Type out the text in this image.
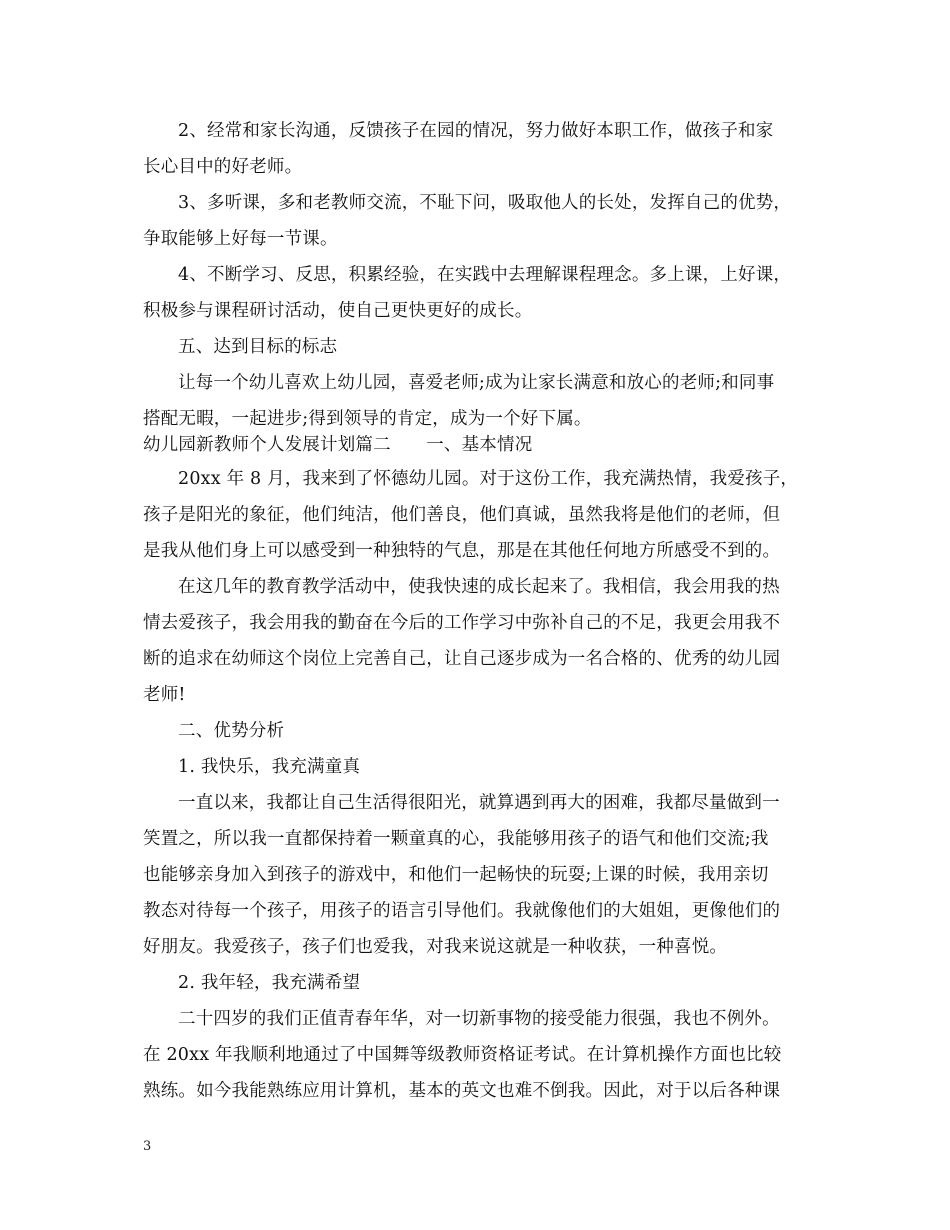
2、经常和家长沟通，反馈孩子在园的情况，努力做好本职工作，做孩子和家
长心目中的好老师。
3、多听课，多和老教师交流，不耻下问，吸取他人的长处，发挥自己的优势，
争取能够上好每一节课。
4、不断学习、反思，积累经验，在实践中去理解课程理念。多上课，上好课，
积极参与课程研讨活动，使自己更快更好的成长。
五、达到目标的标志
让每一个幼儿喜欢上幼儿园，喜爱老师;成为让家长满意和放心的老师;和同事
搭配无暇，一起进步;得到领导的肯定，成为一个好下属。
幼儿园新教师个人发展计划篇二　　一、基本情况
20xx 年 8 月，我来到了怀德幼儿园。对于这份工作，我充满热情，我爱孩子，
孩子是阳光的象征，他们纯洁，他们善良，他们真诚，虽然我将是他们的老师，但
是我从他们身上可以感受到一种独特的气息，那是在其他任何地方所感受不到的。
在这几年的教育教学活动中，使我快速的成长起来了。我相信，我会用我的热
情去爱孩子，我会用我的勤奋在今后的工作学习中弥补自己的不足，我更会用我不
断的追求在幼师这个岗位上完善自己，让自己逐步成为一名合格的、优秀的幼儿园
老师!
二、优势分析
1. 我快乐，我充满童真
一直以来，我都让自己生活得很阳光，就算遇到再大的困难，我都尽量做到一
笑置之，所以我一直都保持着一颗童真的心，我能够用孩子的语气和他们交流;我
也能够亲身加入到孩子的游戏中，和他们一起畅快的玩耍;上课的时候，我用亲切
教态对待每一个孩子，用孩子的语言引导他们。我就像他们的大姐姐，更像他们的
好朋友。我爱孩子，孩子们也爱我，对我来说这就是一种收获，一种喜悦。
2. 我年轻，我充满希望
二十四岁的我们正值青春年华，对一切新事物的接受能力很强，我也不例外。
在 20xx 年我顺利地通过了中国舞等级教师资格证考试。在计算机操作方面也比较
熟练。如今我能熟练应用计算机，基本的英文也难不倒我。因此，对于以后各种课
3
